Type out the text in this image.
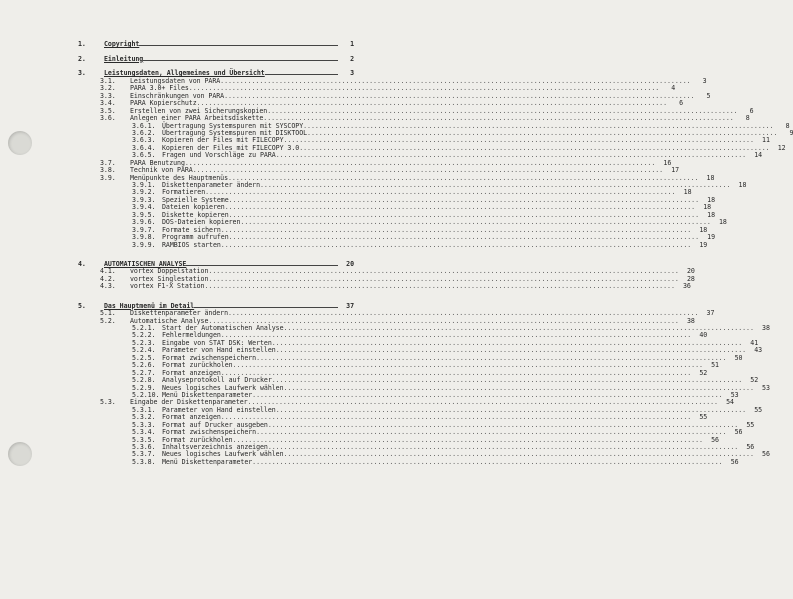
1.	Copyright	1
2.	Einleitung	2
3.	Leistungsdaten, Allgemeines und Übersicht	3
3.1.	Leistungsdaten von PARA .....	3
3.2.	PARA 3.0+ Files .....	4
3.3.	Einschränkungen von PARA .....	5
3.4.	PARA Kopierschutz .....	6
3.5.	Erstellen von zwei Sicherungskopien .....	6
3.6.	Anlegen einer PARA Arbeitsdiskette .....	8
3.6.1. Übertragung Systemspuren mit SYSCOPY .....	8
3.6.2. Übertragung Systemspuren mit DISKTOOL .....	9
3.6.3. Kopieren der Files mit FILECOPY .....	11
3.6.4. Kopieren der Files mit FILECOPY 3.0 .....	12
3.6.5. Fragen und Vorschläge zu PARA .....	14
3.7.	PARA Benutzung .....	16
3.8.	Technik von PARA .....	17
3.9.	Menüpunkte des Hauptmenüs .....	18
3.9.1. Diskettenparameter ändern .....	18
3.9.2. Formatieren .....	18
3.9.3. Spezielle Systeme .....	18
3.9.4. Dateien kopieren .....	18
3.9.5. Diskette kopieren .....	18
3.9.6. DOS-Dateien kopieren .....	18
3.9.7. Formate sichern .....	18
3.9.8. Programm aufrufen .....	19
3.9.9. RAMBIOS starten .....	19
4.	AUTOMATISCHEN ANALYSE	20
4.1.	vortex Doppelstation .....	20
4.2.	vortex Singlestation .....	28
4.3.	vortex F1-X Station .....	36
5.	Das Hauptmenü im Detail	37
5.1.	Diskettenparameter ändern .....	37
5.2.	Automatische Analyse .....	38
5.2.1. Start der Automatischen Analyse .....	38
5.2.2. Fehlermeldungen .....	40
5.2.3. Eingabe von STAT DSK: Werten .....	41
5.2.4. Parameter von Hand einstellen .....	43
5.2.5. Format zwischenspeichern .....	50
5.2.6. Format zurückholen .....	51
5.2.7. Format anzeigen .....	52
5.2.8. Analyseprotokoll auf Drucker .....	52
5.2.9. Neues logisches Laufwerk wählen .....	53
5.2.10. Menü Diskettenparameter .....	53
5.3.	Eingabe der Diskettenparameter .....	54
5.3.1. Parameter von Hand einstellen .....	55
5.3.2. Format anzeigen .....	55
5.3.3. Format auf Drucker ausgeben .....	55
5.3.4. Format zwischenspeichern .....	56
5.3.5. Format zurückholen .....	56
5.3.6. Inhaltsverzeichnis anzeigen .....	56
5.3.7. Neues logisches Laufwerk wählen .....	56
5.3.8. Menü Diskettenparameter .....	56
